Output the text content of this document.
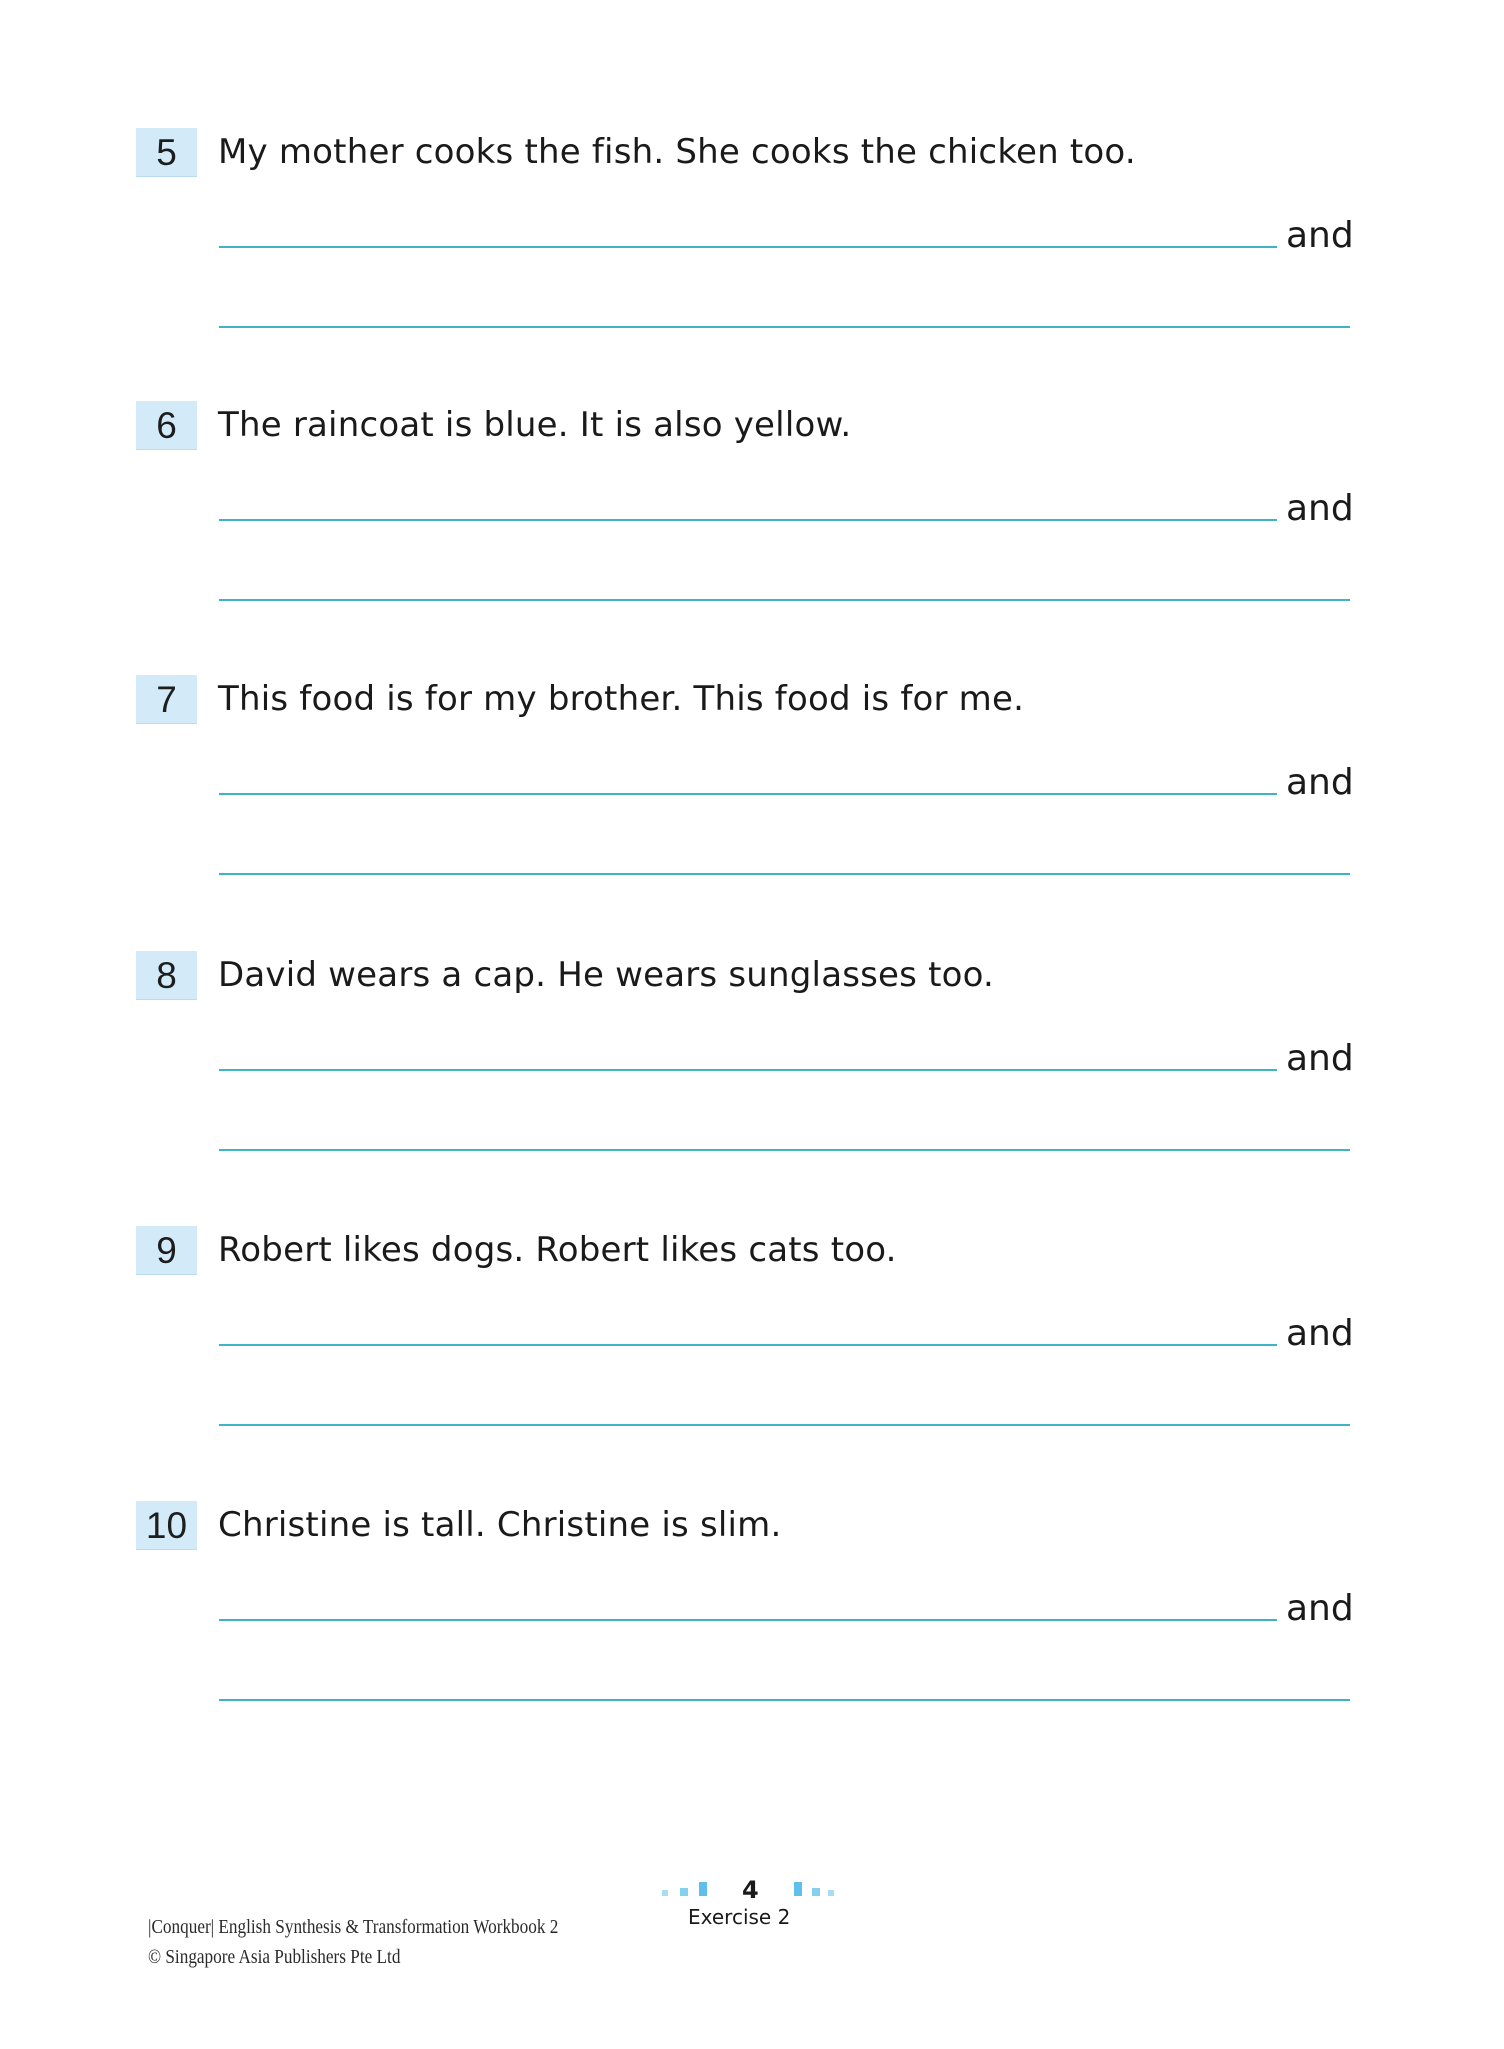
5	My mother cooks the fish. She cooks the chicken too.
and
6	The raincoat is blue. It is also yellow.
and
7	This food is for my brother. This food is for me.
and
8	David wears a cap. He wears sunglasses too.
and
9	Robert likes dogs. Robert likes cats too.
and
10 Christine is tall. Christine is slim.
and
4
Exercise 2
|Conquer| English Synthesis & Transformation Workbook 2
© Singapore Asia Publishers Pte Ltd
